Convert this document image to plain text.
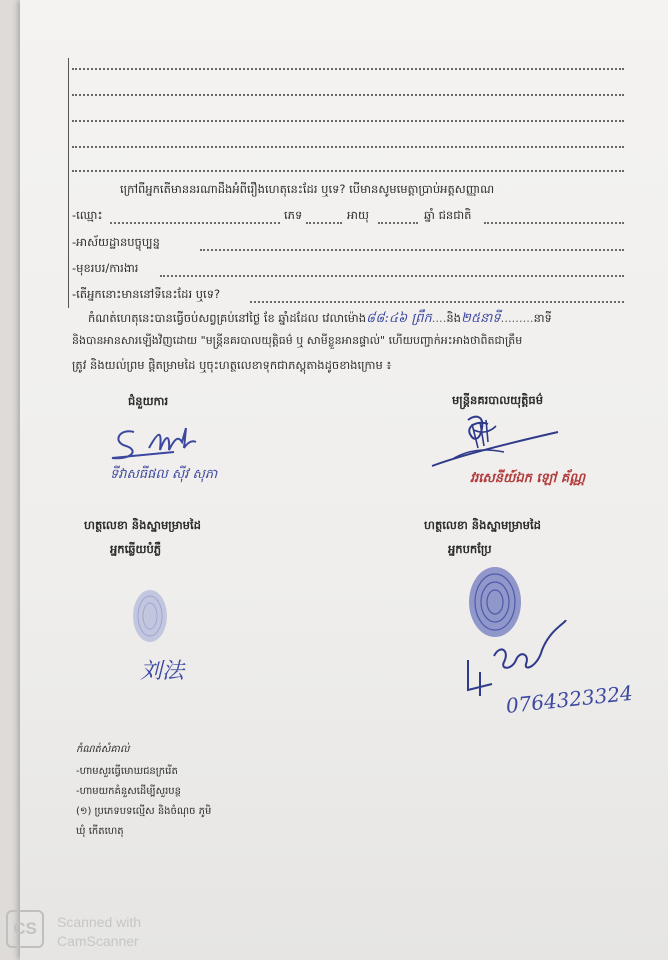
ក្រៅពីអ្នកតើមាននរណាដឹងអំពីរឿងហេតុនេះដែរ ឬទេ? បើមានសូមមេត្តាប្រាប់អត្តសញ្ញាណ
-ឈ្មោះ	ភេទ	អាយុ	ឆ្នាំ ជនជាតិ
-អាស័យដ្ឋានបច្ចុប្បន្ន
-មុខរបរ/ការងារ
-តើអ្នកនោះមាននៅទីនេះដែរ ឬទេ?
កំណត់ហេតុនេះបានធ្វើចប់សព្វគ្រប់នៅថ្ងៃ ខែ ឆ្នាំដដែល វេលាម៉ោង៨៨:៤៦ ព្រឹក....និង២៥នាទី.........នាទី
និងបានអានសារឡើងវិញដោយ "មន្ត្រីនគរបាលយុត្តិធម៌ ឬ សាមីខ្លួនអានផ្ទាល់" ហើយបញ្ជាក់អះអាងថាពិតជាត្រឹម
ត្រូវ និងយល់ព្រម ផ្តិតម្រាមដៃ ឬចុះហត្ថលេខាទុកជាភស្តុតាងដូចខាងក្រោម ៖
ជំនួយការ	មន្ត្រីនគរបាលយុត្តិធម៌
ទីវាសធីផល ស៊ីវ សុភា	វរសេនីយ៍ឯក ឡៅ គ័ណ្ណ
ហត្ថលេខា និងស្នាមម្រាមដៃ
អ្នកឆ្លើយបំភ្លឺ
ហត្ថលេខា និងស្នាមម្រាមដៃ
អ្នកបកប្រែ
刘法
0764323324
កំណត់សំគាល់
-ហាមសួរធ្វើមោឃជនក្ររើត
-ហាមយកគំនួសដើម្បីសួរបន្ថ
(១) ប្រភេទបទល្មើស និងចំណុច ភូមិ
ឃុំ កើតហេតុ
CS	Scanned with
CamScanner
